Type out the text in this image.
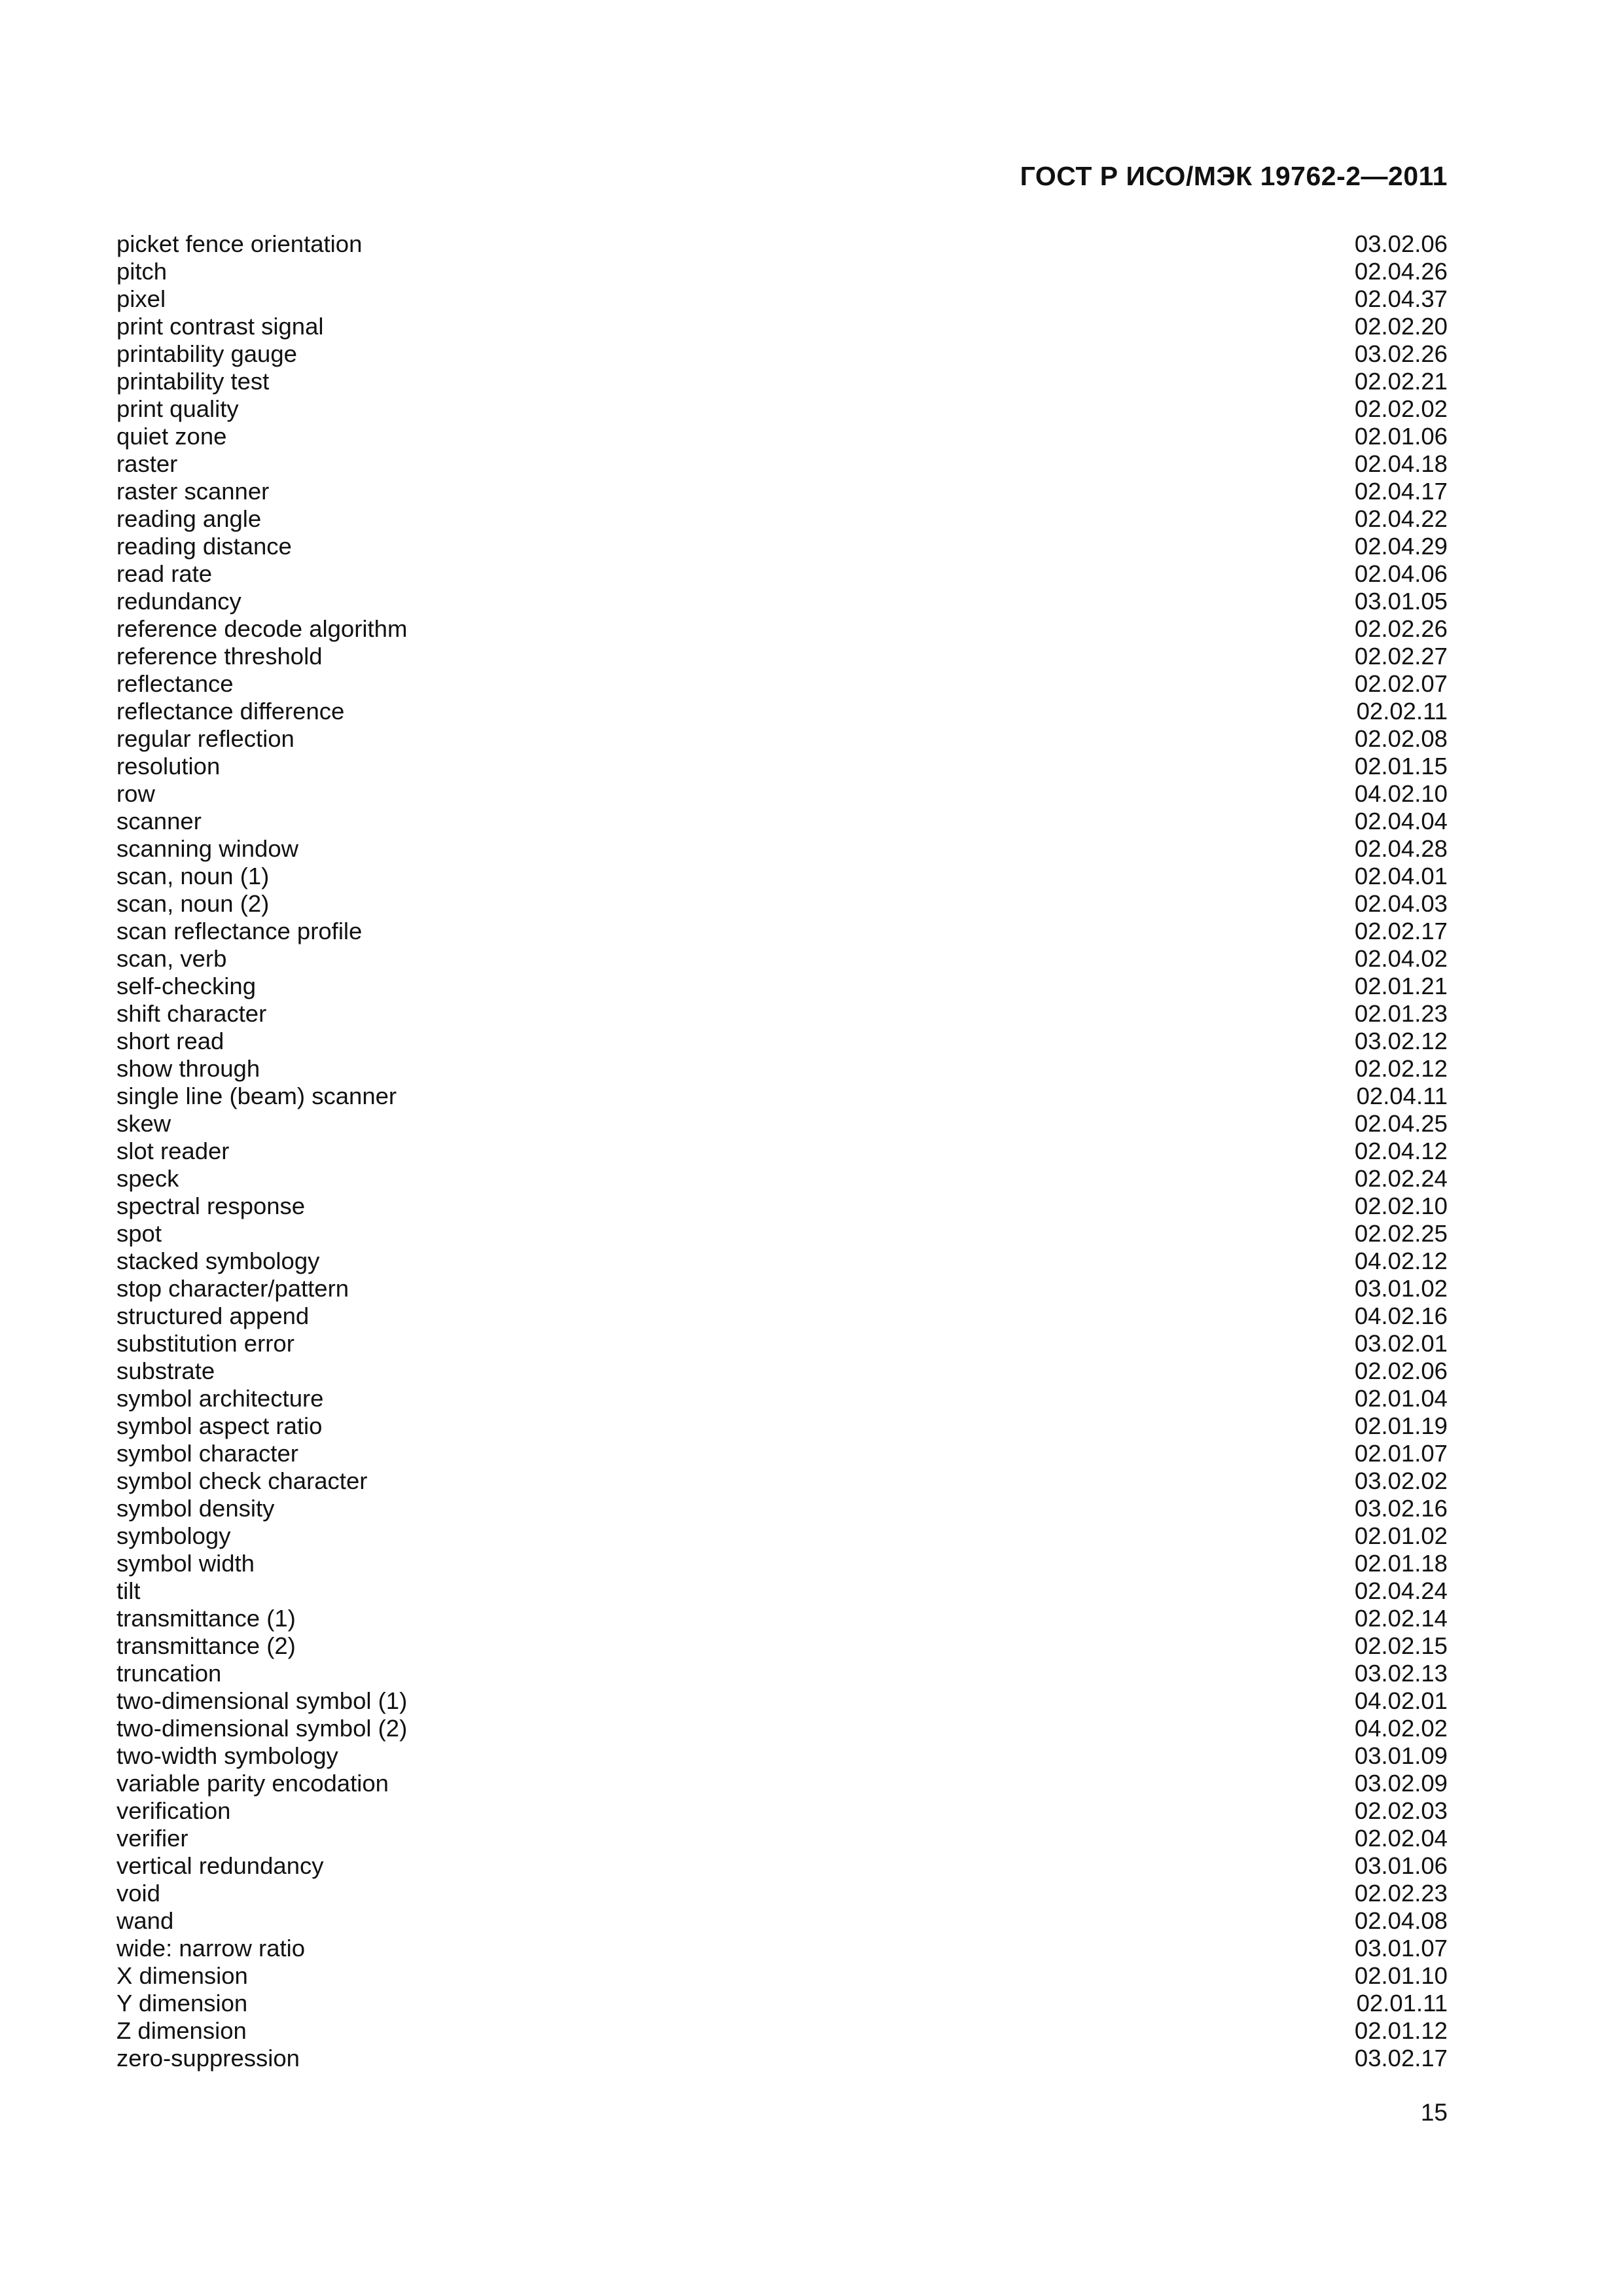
ГОСТ Р ИСО/МЭК 19762-2—2011
picket fence orientation	03.02.06
pitch	02.04.26
pixel	02.04.37
print contrast signal	02.02.20
printability gauge	03.02.26
printability test	02.02.21
print quality	02.02.02
quiet zone	02.01.06
raster	02.04.18
raster scanner	02.04.17
reading angle	02.04.22
reading distance	02.04.29
read rate	02.04.06
redundancy	03.01.05
reference decode algorithm	02.02.26
reference threshold	02.02.27
reflectance	02.02.07
reflectance difference	02.02.11
regular reflection	02.02.08
resolution	02.01.15
row	04.02.10
scanner	02.04.04
scanning window	02.04.28
scan, noun (1)	02.04.01
scan, noun (2)	02.04.03
scan reflectance profile	02.02.17
scan, verb	02.04.02
self-checking	02.01.21
shift character	02.01.23
short read	03.02.12
show through	02.02.12
single line (beam) scanner	02.04.11
skew	02.04.25
slot reader	02.04.12
speck	02.02.24
spectral response	02.02.10
spot	02.02.25
stacked symbology	04.02.12
stop character/pattern	03.01.02
structured append	04.02.16
substitution error	03.02.01
substrate	02.02.06
symbol architecture	02.01.04
symbol aspect ratio	02.01.19
symbol character	02.01.07
symbol check character	03.02.02
symbol density	03.02.16
symbology	02.01.02
symbol width	02.01.18
tilt	02.04.24
transmittance (1)	02.02.14
transmittance (2)	02.02.15
truncation	03.02.13
two-dimensional symbol (1)	04.02.01
two-dimensional symbol (2)	04.02.02
two-width symbology	03.01.09
variable parity encodation	03.02.09
verification	02.02.03
verifier	02.02.04
vertical redundancy	03.01.06
void	02.02.23
wand	02.04.08
wide: narrow ratio	03.01.07
X dimension	02.01.10
Y dimension	02.01.11
Z dimension	02.01.12
zero-suppression	03.02.17
15
